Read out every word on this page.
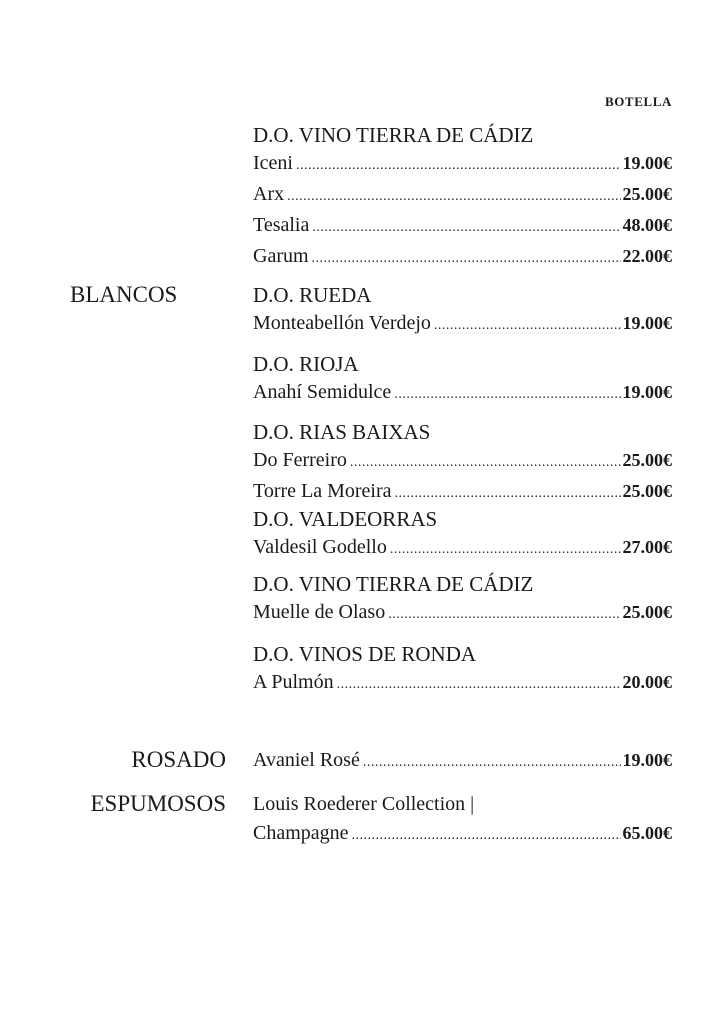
BOTELLA
BLANCOS
D.O. VINO TIERRA DE CÁDIZ
Iceni .....	19.00€
Arx .....	25.00€
Tesalia .....	48.00€
Garum .....	22.00€
D.O. RUEDA
Monteabellón Verdejo .....	19.00€
D.O. RIOJA
Anahí Semidulce .....	19.00€
D.O. RIAS BAIXAS
Do Ferreiro .....	25.00€
Torre La Moreira .....	25.00€
D.O. VALDEORRAS
Valdesil Godello .....	27.00€
D.O. VINO TIERRA DE CÁDIZ
Muelle de Olaso .....	25.00€
D.O. VINOS DE RONDA
A Pulmón .....	20.00€
ROSADO Avaniel Rosé .....	19.00€
ESPUMOSOS Louis Roederer Collection |
Champagne .....	65.00€
